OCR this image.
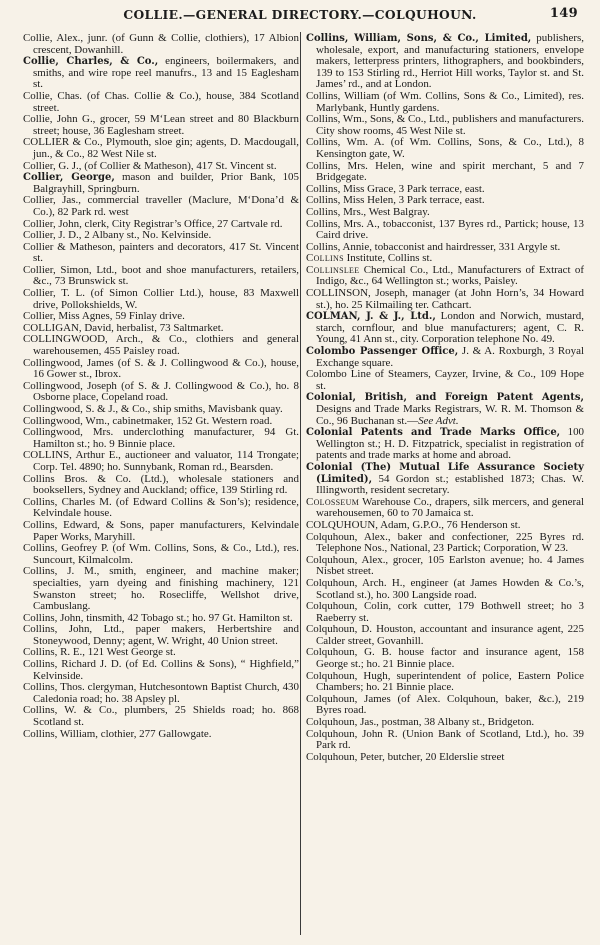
COLLIE.—GENERAL DIRECTORY.—COLQUHOUN.	149

Collie, Alex., junr. (of Gunn & Collie, clothiers), 17 Albion crescent, Dowanhill.

Collie, Charles, & Co., engineers, boilermakers, and smiths, and wire rope reel manufrs., 13 and 15 Eaglesham st.

Collie, Chas. (of Chas. Collie & Co.), house, 384 Scotland street.

Collie, John G., grocer, 59 M‘Lean street and 80 Blackburn street; house, 36 Eaglesham street.

COLLIER & Co., Plymouth, sloe gin; agents, D. Macdougall, jun., & Co., 82 West Nile st.

Collier, G. J., (of Collier & Matheson), 417 St. Vincent st.

Collier, George, mason and builder, Prior Bank, 105 Balgrayhill, Springburn.

Collier, Jas., commercial traveller (Maclure, M‘Dona’d & Co.), 82 Park rd. west

Collier, John, clerk, City Registrar’s Office, 27 Cartvale rd.

Collier, J. D., 2 Albany st., No. Kelvinside.

Collier & Matheson, painters and decorators, 417 St. Vincent st.

Collier, Simon, Ltd., boot and shoe manufacturers, retailers, &c., 73 Brunswick st.

Collier, T. L. (of Simon Collier Ltd.), house, 83 Maxwell drive, Pollokshields, W.

Collier, Miss Agnes, 59 Finlay drive.

COLLIGAN, David, herbalist, 73 Saltmarket.

COLLINGWOOD, Arch., & Co., clothiers and general warehousemen, 455 Paisley road.

Collingwood, James (of S. & J. Collingwood & Co.), house, 16 Gower st., Ibrox.

Collingwood, Joseph (of S. & J. Collingwood & Co.), ho. 8 Osborne place, Copeland road.

Collingwood, S. & J., & Co., ship smiths, Mavisbank quay.

Collingwood, Wm., cabinetmaker, 152 Gt. Western road.

Collingwood, Mrs. underclothing manufacturer, 94 Gt. Hamilton st.; ho. 9 Binnie place.

COLLINS, Arthur E., auctioneer and valuator, 114 Trongate; Corp. Tel. 4890; ho. Sunnybank, Roman rd., Bearsden.

Collins Bros. & Co. (Ltd.), wholesale stationers and booksellers, Sydney and Auckland; office, 139 Stirling rd.

Collins, Charles M. (of Edward Collins & Son’s); residence, Kelvindale house.

Collins, Edward, & Sons, paper manufacturers, Kelvindale Paper Works, Maryhill.

Collins, Geofrey P. (of Wm. Collins, Sons, & Co., Ltd.), res. Suncourt, Kilmalcolm.

Collins, J. M., smith, engineer, and machine maker; specialties, yarn dyeing and finishing machinery, 121 Swanston street; ho. Rosecliffe, Wellshot drive, Cambuslang.

Collins, John, tinsmith, 42 Tobago st.; ho. 97 Gt. Hamilton st.

Collins, John, Ltd., paper makers, Herbertshire and Stoneywood, Denny; agent, W. Wright, 40 Union street.

Collins, R. E., 121 West George st.

Collins, Richard J. D. (of Ed. Collins & Sons), “ Highfield,” Kelvinside.

Collins, Thos. clergyman, Hutchesontown Baptist Church, 430 Caledonia road; ho. 38 Apsley pl.

Collins, W. & Co., plumbers, 25 Shields road; ho. 868 Scotland st.

Collins, William, clothier, 277 Gallowgate.

Collins, William, Sons, & Co., Limited, publishers, wholesale, export, and manufacturing stationers, envelope makers, letterpress printers, lithographers, and bookbinders, 139 to 153 Stirling rd., Herriot Hill works, Taylor st. and St. James’ rd., and at London.

Collins, William (of Wm. Collins, Sons & Co., Limited), res. Marlybank, Huntly gardens.

Collins, Wm., Sons, & Co., Ltd., publishers and manufacturers. City show rooms, 45 West Nile st.

Collins, Wm. A. (of Wm. Collins, Sons, & Co., Ltd.), 8 Kensington gate, W.

Collins, Mrs. Helen, wine and spirit merchant, 5 and 7 Bridgegate.

Collins, Miss Grace, 3 Park terrace, east.

Collins, Miss Helen, 3 Park terrace, east.

Collins, Mrs., West Balgray.

Collins, Mrs. A., tobacconist, 137 Byres rd., Partick; house, 13 Caird drive.

Collins, Annie, tobacconist and hairdresser, 331 Argyle st.

Collins Institute, Collins st.

Collinslee Chemical Co., Ltd., Manufacturers of Extract of Indigo, &c., 64 Wellington st.; works, Paisley.

COLLINSON, Joseph, manager (at John Horn’s, 34 Howard st.), ho. 25 Kilmailing ter. Cathcart.

COLMAN, J. & J., Ltd., London and Norwich, mustard, starch, cornflour, and blue manufacturers; agent, C. R. Young, 41 Ann st., city. Corporation telephone No. 49.

Colombo Passenger Office, J. & A. Roxburgh, 3 Royal Exchange square.

Colombo Line of Steamers, Cayzer, Irvine, & Co., 109 Hope st.

Colonial, British, and Foreign Patent Agents, Designs and Trade Marks Registrars, W. R. M. Thomson & Co., 96 Buchanan st.—See Advt.

Colonial Patents and Trade Marks Office, 100 Wellington st.; H. D. Fitzpatrick, specialist in registration of patents and trade marks at home and abroad.

Colonial (The) Mutual Life Assurance Society (Limited), 54 Gordon st.; established 1873; Chas. W. Illingworth, resident secretary.

Colosseum Warehouse Co., drapers, silk mercers, and general warehousemen, 60 to 70 Jamaica st.

COLQUHOUN, Adam, G.P.O., 76 Henderson st.

Colquhoun, Alex., baker and confectioner, 225 Byres rd. Telephone Nos., National, 23 Partick; Corporation, W 23.

Colquhoun, Alex., grocer, 105 Earlston avenue; ho. 4 James Nisbet street.

Colquhoun, Arch. H., engineer (at James Howden & Co.’s, Scotland st.), ho. 300 Langside road.

Colquhoun, Colin, cork cutter, 179 Bothwell street; ho 3 Raeberry st.

Colquhoun, D. Houston, accountant and insurance agent, 225 Calder street, Govanhill.

Colquhoun, G. B. house factor and insurance agent, 158 George st.; ho. 21 Binnie place.

Colquhoun, Hugh, superintendent of police, Eastern Police Chambers; ho. 21 Binnie place.

Colquhoun, James (of Alex. Colquhoun, baker, &c.), 219 Byres road.

Colquhoun, Jas., postman, 38 Albany st., Bridgeton.

Colquhoun, John R. (Union Bank of Scotland, Ltd.), ho. 39 Park rd.

Colquhoun, Peter, butcher, 20 Elderslie street
